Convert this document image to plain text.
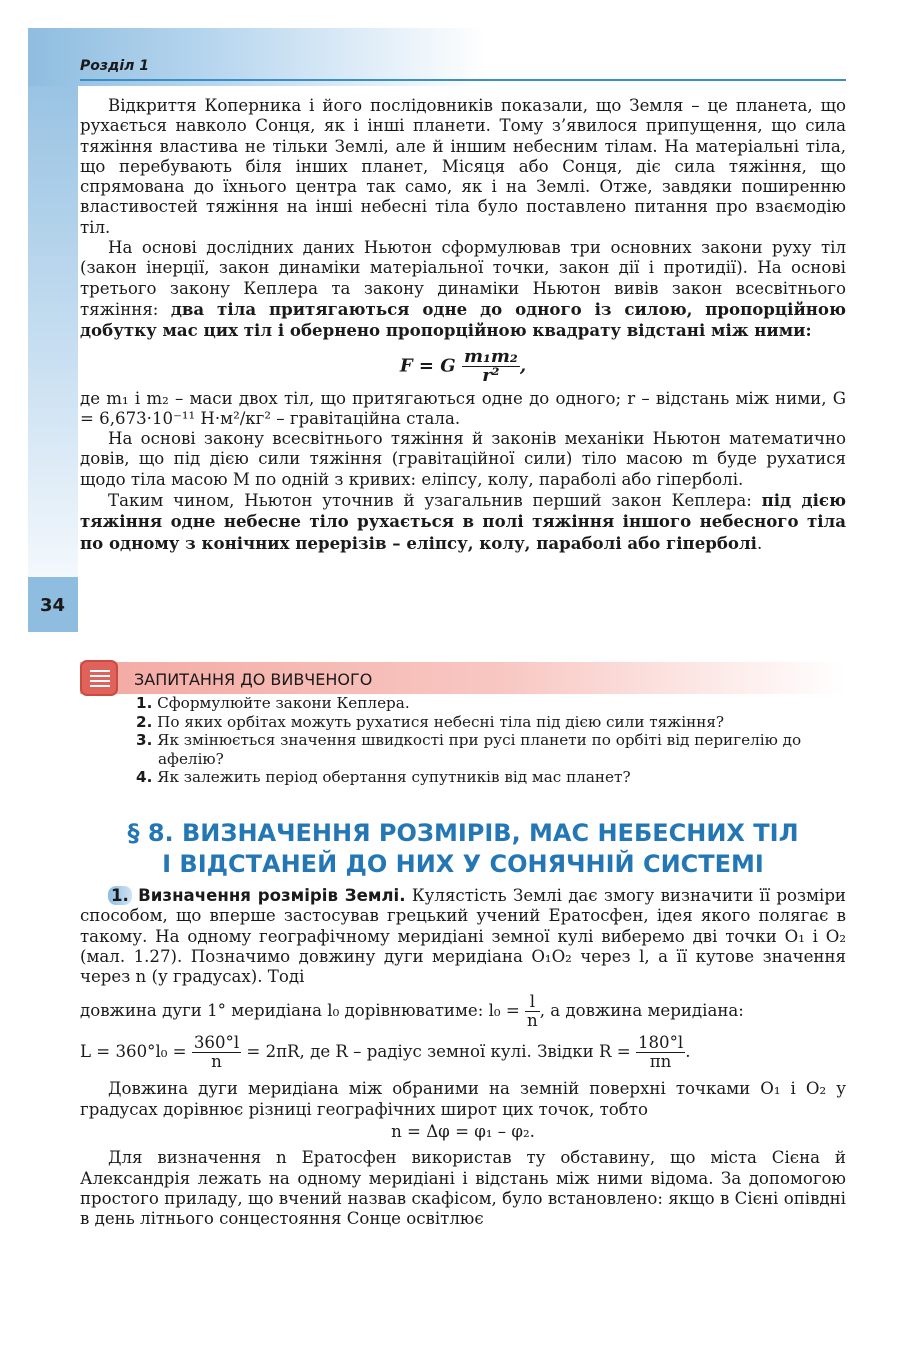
Розділ 1
34

Відкриття Коперника і його послідовників показали, що Земля – це планета, що рухається навколо Сонця, як і інші планети. Тому з’явилося припущення, що сила тяжіння властива не тільки Землі, але й іншим небесним тілам. На матеріальні тіла, що перебувають біля інших планет, Місяця або Сонця, діє сила тяжіння, що спрямована до їхнього центра так само, як і на Землі. Отже, завдяки поширенню властивостей тяжіння на інші небесні тіла було поставлено питання про взаємодію тіл.

На основі дослідних даних Ньютон сформулював три основних закони руху тіл (закон інерції, закон динаміки матеріальної точки, закон дії і протидії). На основі третього закону Кеплера та закону динаміки Ньютон вивів закон всесвітнього тяжіння: два тіла притягаються одне до одного із силою, пропорційною добутку мас цих тіл і обернено пропорційною квадрату відстані між ними:

F = G $\frac{\text{m₁m₂}}{\text{r²}}$ ,

де m₁ і m₂ – маси двох тіл, що притягаються одне до одного; r – відстань між ними, G = 6,673·10⁻¹¹ Н·м²/кг² – гравітаційна стала.

На основі закону всесвітнього тяжіння й законів механіки Ньютон математично довів, що під дією сили тяжіння (гравітаційної сили) тіло масою m буде рухатися щодо тіла масою M по одній з кривих: еліпсу, колу, параболі або гіперболі.

Таким чином, Ньютон уточнив й узагальнив перший закон Кеплера: під дією тяжіння одне небесне тіло рухається в полі тяжіння іншого небесного тіла по одному з конічних перерізів – еліпсу, колу, параболі або гіперболі.

ЗАПИТАННЯ ДО ВИВЧЕНОГО
1. Сформулюйте закони Кеплера.
2. По яких орбітах можуть рухатися небесні тіла під дією сили тяжіння?
3. Як змінюється значення швидкості при русі планети по орбіті від перигелію до афелію?
4. Як залежить період обертання супутників від мас планет?
§ 8. ВИЗНАЧЕННЯ РОЗМІРІВ, МАС НЕБЕСНИХ ТІЛ
І ВІДСТАНЕЙ ДО НИХ У СОНЯЧНІЙ СИСТЕМІ

1. Визначення розмірів Землі. Кулястість Землі дає змогу визначити її розміри способом, що вперше застосував грецький учений Ератосфен, ідея якого полягає в такому. На одному географічному меридіані земної кулі виберемо дві точки O₁ і O₂ (мал. 1.27). Позначимо довжину дуги меридіана O₁O₂ через l, а її кутове значення через n (у градусах). Тоді

довжина дуги 1° меридіана l₀ дорівнюватиме: $l_0 = \frac{l}{n}$ , а довжина меридіана:

$L = 360^\circ l_0 = \frac{360^\circ l}{n} = 2\pi R$, де R – радіус земної кулі. Звідки $R = \frac{180^\circ l}{\pi n}$ .

Довжина дуги меридіана між обраними на земній поверхні точками O₁ і O₂ у градусах дорівнює різниці географічних широт цих точок, тобто

n = Δφ = φ₁ – φ₂.

Для визначення n Ератосфен використав ту обставину, що міста Сієна й Александрія лежать на одному меридіані і відстань між ними відома. За допомогою простого приладу, що вчений назвав скафісом, було встановлено: якщо в Сієні опівдні в день літнього сонцестояння Сонце освітлює
